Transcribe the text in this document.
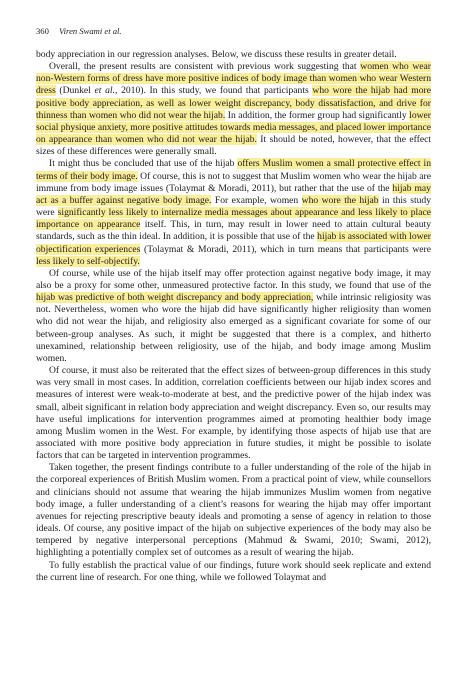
360 Viren Swami et al.

body appreciation in our regression analyses. Below, we discuss these results in greater detail.

Overall, the present results are consistent with previous work suggesting that women who wear non-Western forms of dress have more positive indices of body image than women who wear Western dress (Dunkel et al., 2010). In this study, we found that participants who wore the hijab had more positive body appreciation, as well as lower weight discrepancy, body dissatisfaction, and drive for thinness than women who did not wear the hijab. In addition, the former group had significantly lower social physique anxiety, more positive attitudes towards media messages, and placed lower importance on appearance than women who did not wear the hijab. It should be noted, however, that the effect sizes of these differences were generally small.

It might thus be concluded that use of the hijab offers Muslim women a small protective effect in terms of their body image. Of course, this is not to suggest that Muslim women who wear the hijab are immune from body image issues (Tolaymat & Moradi, 2011), but rather that the use of the hijab may act as a buffer against negative body image. For example, women who wore the hijab in this study were significantly less likely to internalize media messages about appearance and less likely to place importance on appearance itself. This, in turn, may result in lower need to attain cultural beauty standards, such as the thin ideal. In addition, it is possible that use of the hijab is associated with lower objectification experiences (Tolaymat & Moradi, 2011), which in turn means that participants were less likely to self-objectify.

Of course, while use of the hijab itself may offer protection against negative body image, it may also be a proxy for some other, unmeasured protective factor. In this study, we found that use of the hijab was predictive of both weight discrepancy and body appreciation, while intrinsic religiosity was not. Nevertheless, women who wore the hijab did have significantly higher religiosity than women who did not wear the hijab, and religiosity also emerged as a significant covariate for some of our between-group analyses. As such, it might be suggested that there is a complex, and hitherto unexamined, relationship between religiosity, use of the hijab, and body image among Muslim women.

Of course, it must also be reiterated that the effect sizes of between-group differences in this study was very small in most cases. In addition, correlation coefficients between our hijab index scores and measures of interest were weak-to-moderate at best, and the predictive power of the hijab index was small, albeit significant in relation body appreciation and weight discrepancy. Even so, our results may have useful implications for intervention programmes aimed at promoting healthier body image among Muslim women in the West. For example, by identifying those aspects of hijab use that are associated with more positive body appreciation in future studies, it might be possible to isolate factors that can be targeted in intervention programmes.

Taken together, the present findings contribute to a fuller understanding of the role of the hijab in the corporeal experiences of British Muslim women. From a practical point of view, while counsellors and clinicians should not assume that wearing the hijab immunizes Muslim women from negative body image, a fuller understanding of a client’s reasons for wearing the hijab may offer important avenues for rejecting prescriptive beauty ideals and promoting a sense of agency in relation to those ideals. Of course, any positive impact of the hijab on subjective experiences of the body may also be tempered by negative interpersonal perceptions (Mahmud & Swami, 2010; Swami, 2012), highlighting a potentially complex set of outcomes as a result of wearing the hijab.

To fully establish the practical value of our findings, future work should seek replicate and extend the current line of research. For one thing, while we followed Tolaymat and
